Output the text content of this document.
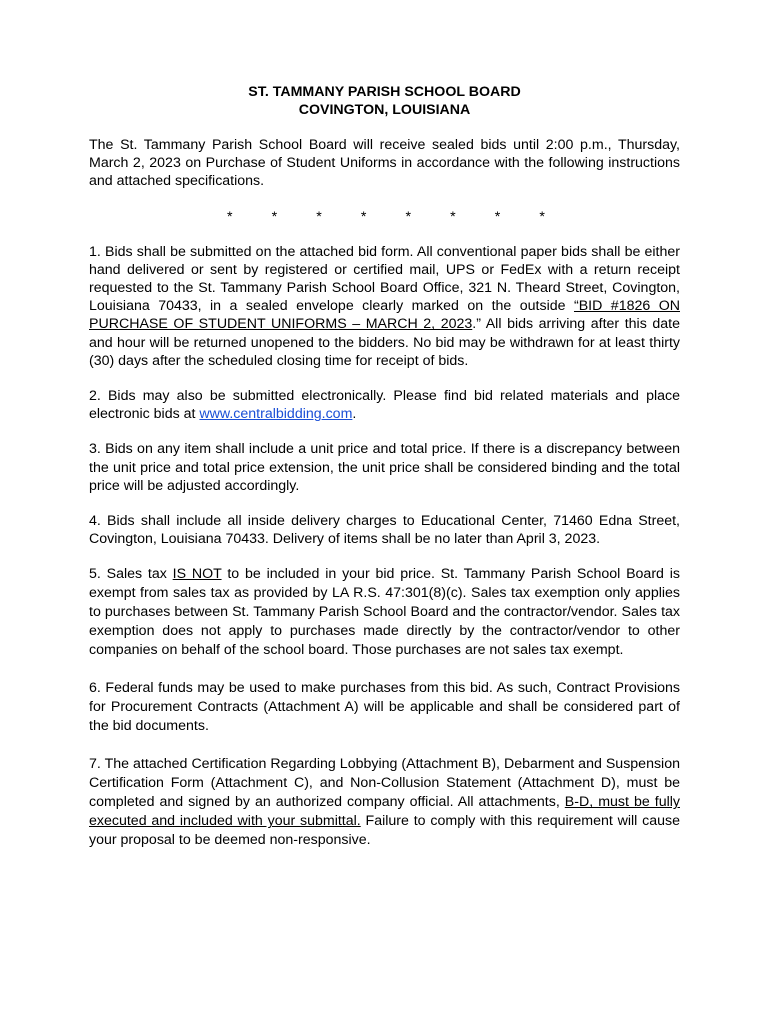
ST. TAMMANY PARISH SCHOOL BOARD

COVINGTON, LOUISIANA

The St. Tammany Parish School Board will receive sealed bids until 2:00 p.m., Thursday, March 2, 2023 on Purchase of Student Uniforms in accordance with the following instructions and attached specifications.

*	*	*	*	*	*	*	*

1. Bids shall be submitted on the attached bid form. All conventional paper bids shall be either hand delivered or sent by registered or certified mail, UPS or FedEx with a return receipt requested to the St. Tammany Parish School Board Office, 321 N. Theard Street, Covington, Louisiana 70433, in a sealed envelope clearly marked on the outside “BID #1826 ON PURCHASE OF STUDENT UNIFORMS – MARCH 2, 2023.” All bids arriving after this date and hour will be returned unopened to the bidders. No bid may be withdrawn for at least thirty (30) days after the scheduled closing time for receipt of bids.

2. Bids may also be submitted electronically. Please find bid related materials and place electronic bids at www.centralbidding.com.

3. Bids on any item shall include a unit price and total price. If there is a discrepancy between the unit price and total price extension, the unit price shall be considered binding and the total price will be adjusted accordingly.

4. Bids shall include all inside delivery charges to Educational Center, 71460 Edna Street, Covington, Louisiana 70433. Delivery of items shall be no later than April 3, 2023.

5. Sales tax IS NOT to be included in your bid price. St. Tammany Parish School Board is exempt from sales tax as provided by LA R.S. 47:301(8)(c). Sales tax exemption only applies to purchases between St. Tammany Parish School Board and the contractor/vendor. Sales tax exemption does not apply to purchases made directly by the contractor/vendor to other companies on behalf of the school board. Those purchases are not sales tax exempt.

6. Federal funds may be used to make purchases from this bid. As such, Contract Provisions for Procurement Contracts (Attachment A) will be applicable and shall be considered part of the bid documents.

7. The attached Certification Regarding Lobbying (Attachment B), Debarment and Suspension Certification Form (Attachment C), and Non-Collusion Statement (Attachment D), must be completed and signed by an authorized company official. All attachments, B-D, must be fully executed and included with your submittal. Failure to comply with this requirement will cause your proposal to be deemed non-responsive.
